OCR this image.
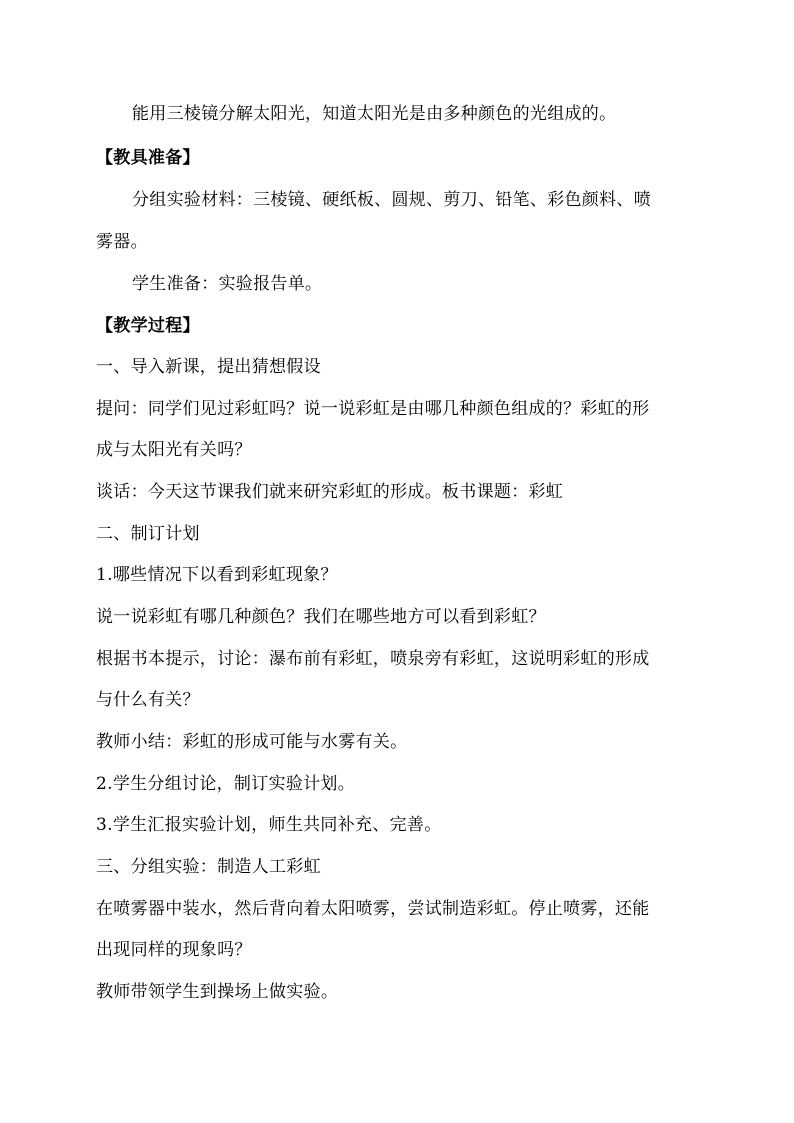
能用三棱镜分解太阳光，知道太阳光是由多种颜色的光组成的。
【教具准备】
分组实验材料：三棱镜、硬纸板、圆规、剪刀、铅笔、彩色颜料、喷
雾器。
学生准备：实验报告单。
【教学过程】
一、导入新课，提出猜想假设
提问：同学们见过彩虹吗？说一说彩虹是由哪几种颜色组成的？彩虹的形
成与太阳光有关吗？
谈话：今天这节课我们就来研究彩虹的形成。板书课题：彩虹
二、制订计划
1.哪些情况下以看到彩虹现象？
说一说彩虹有哪几种颜色？我们在哪些地方可以看到彩虹？
根据书本提示，讨论：瀑布前有彩虹，喷泉旁有彩虹，这说明彩虹的形成
与什么有关？
教师小结：彩虹的形成可能与水雾有关。
2.学生分组讨论，制订实验计划。
3.学生汇报实验计划，师生共同补充、完善。
三、分组实验：制造人工彩虹
在喷雾器中装水，然后背向着太阳喷雾，尝试制造彩虹。停止喷雾，还能
出现同样的现象吗？
教师带领学生到操场上做实验。
